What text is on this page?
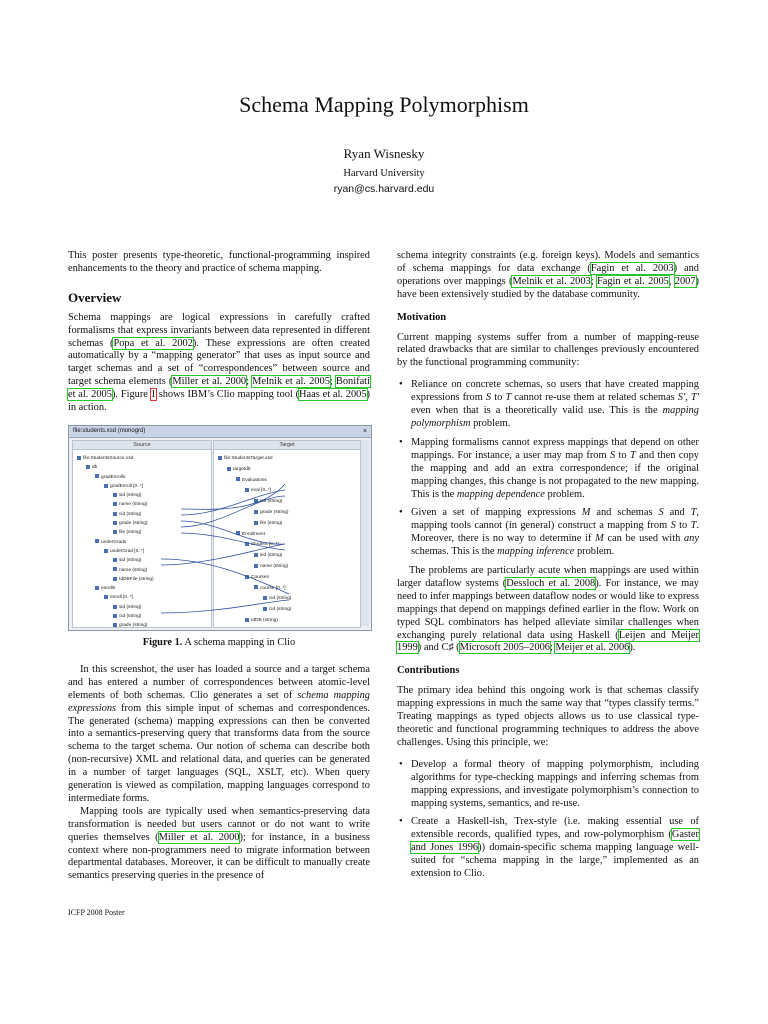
Schema Mapping Polymorphism
Ryan Wisnesky
Harvard University
ryan@cs.harvard.edu

This poster presents type-theoretic, functional-programming inspired enhancements to the theory and practice of schema mapping.

Overview

Schema mappings are logical expressions in carefully crafted formalisms that express invariants between data represented in different schemas (Popa et al. 2002). These expressions are often created automatically by a “mapping generator” that uses as input source and target schemas and a set of “correspondences” between source and target schema elements (Miller et al. 2000; Melnik et al. 2005; Bonifati et al. 2005). Figure 1 shows IBM’s Clio mapping tool (Haas et al. 2005) in action.

file:students.xsd (monogrd)	×
Source
file:StudentsSource.xsd
db
gradEnrolls
gradEnroll [0..*]
sid (string)
name (string)
cid (string)
grade (string)
file (string)
underGrads
underGrad [0..*]
sid (string)
name (string)
IdDBFile (string)
enrolls
enroll [0..*]
sid (string)
cid (string)
grade (string)
Target
file:StudentsTarget.xsd
targetdb
Evaluations
eval [0..*]
sid (string)
grade (string)
file (string)
Enrollment
Student [0..*]
sid (string)
name (string)
Courses
course [0..*]
cid (string)
cid (string)
IdDB (string)
Figure 1. A schema mapping in Clio

In this screenshot, the user has loaded a source and a target schema and has entered a number of correspondences between atomic-level elements of both schemas. Clio generates a set of schema mapping expressions from this simple input of schemas and correspondences. The generated (schema) mapping expressions can then be converted into a semantics-preserving query that transforms data from the source schema to the target schema. Our notion of schema can describe both (non-recursive) XML and relational data, and queries can be generated in a number of target languages (SQL, XSLT, etc). When query generation is viewed as compilation, mapping languages correspond to intermediate forms.

Mapping tools are typically used when semantics-preserving data transformation is needed but users cannot or do not want to write queries themselves (Miller et al. 2000); for instance, in a business context where non-programmers need to migrate information between departmental databases. Moreover, it can be difficult to manually create semantics preserving queries in the presence of

schema integrity constraints (e.g. foreign keys). Models and semantics of schema mappings for data exchange (Fagin et al. 2003) and operations over mappings (Melnik et al. 2003; Fagin et al. 2005, 2007) have been extensively studied by the database community.

Motivation

Current mapping systems suffer from a number of mapping-reuse related drawbacks that are similar to challenges previously encountered by the functional programming community:

• Reliance on concrete schemas, so users that have created mapping expressions from S to T cannot re-use them at related schemas S′, T′ even when that is a theoretically valid use. This is the mapping polymorphism problem.
• Mapping formalisms cannot express mappings that depend on other mappings. For instance, a user may map from S to T and then copy the mapping and add an extra correspondence; if the original mapping changes, this change is not propagated to the new mapping. This is the mapping dependence problem.
• Given a set of mapping expressions M and schemas S and T, mapping tools cannot (in general) construct a mapping from S to T. Moreover, there is no way to determine if M can be used with any schemas. This is the mapping inference problem.

The problems are particularly acute when mappings are used within larger dataflow systems (Dessloch et al. 2008). For instance, we may need to infer mappings between dataflow nodes or would like to express mappings that depend on mappings defined earlier in the flow. Work on typed SQL combinators has helped alleviate similar challenges when exchanging purely relational data using Haskell (Leijen and Meijer 1999) and C♯ (Microsoft 2005–2006; Meijer et al. 2006).

Contributions

The primary idea behind this ongoing work is that schemas classify mapping expressions in much the same way that “types classify terms.” Treating mappings as typed objects allows us to use classical type-theoretic and functional programming techniques to address the above challenges. Using this principle, we:

• Develop a formal theory of mapping polymorphism, including algorithms for type-checking mappings and inferring schemas from mapping expressions, and investigate polymorphism’s connection to mapping systems, semantics, and re-use.
• Create a Haskell-ish, Trex-style (i.e. making essential use of extensible records, qualified types, and row-polymorphism (Gaster and Jones 1996)) domain-specific schema mapping language well-suited for “schema mapping in the large,” implemented as an extension to Clio.
ICFP 2008 Poster
